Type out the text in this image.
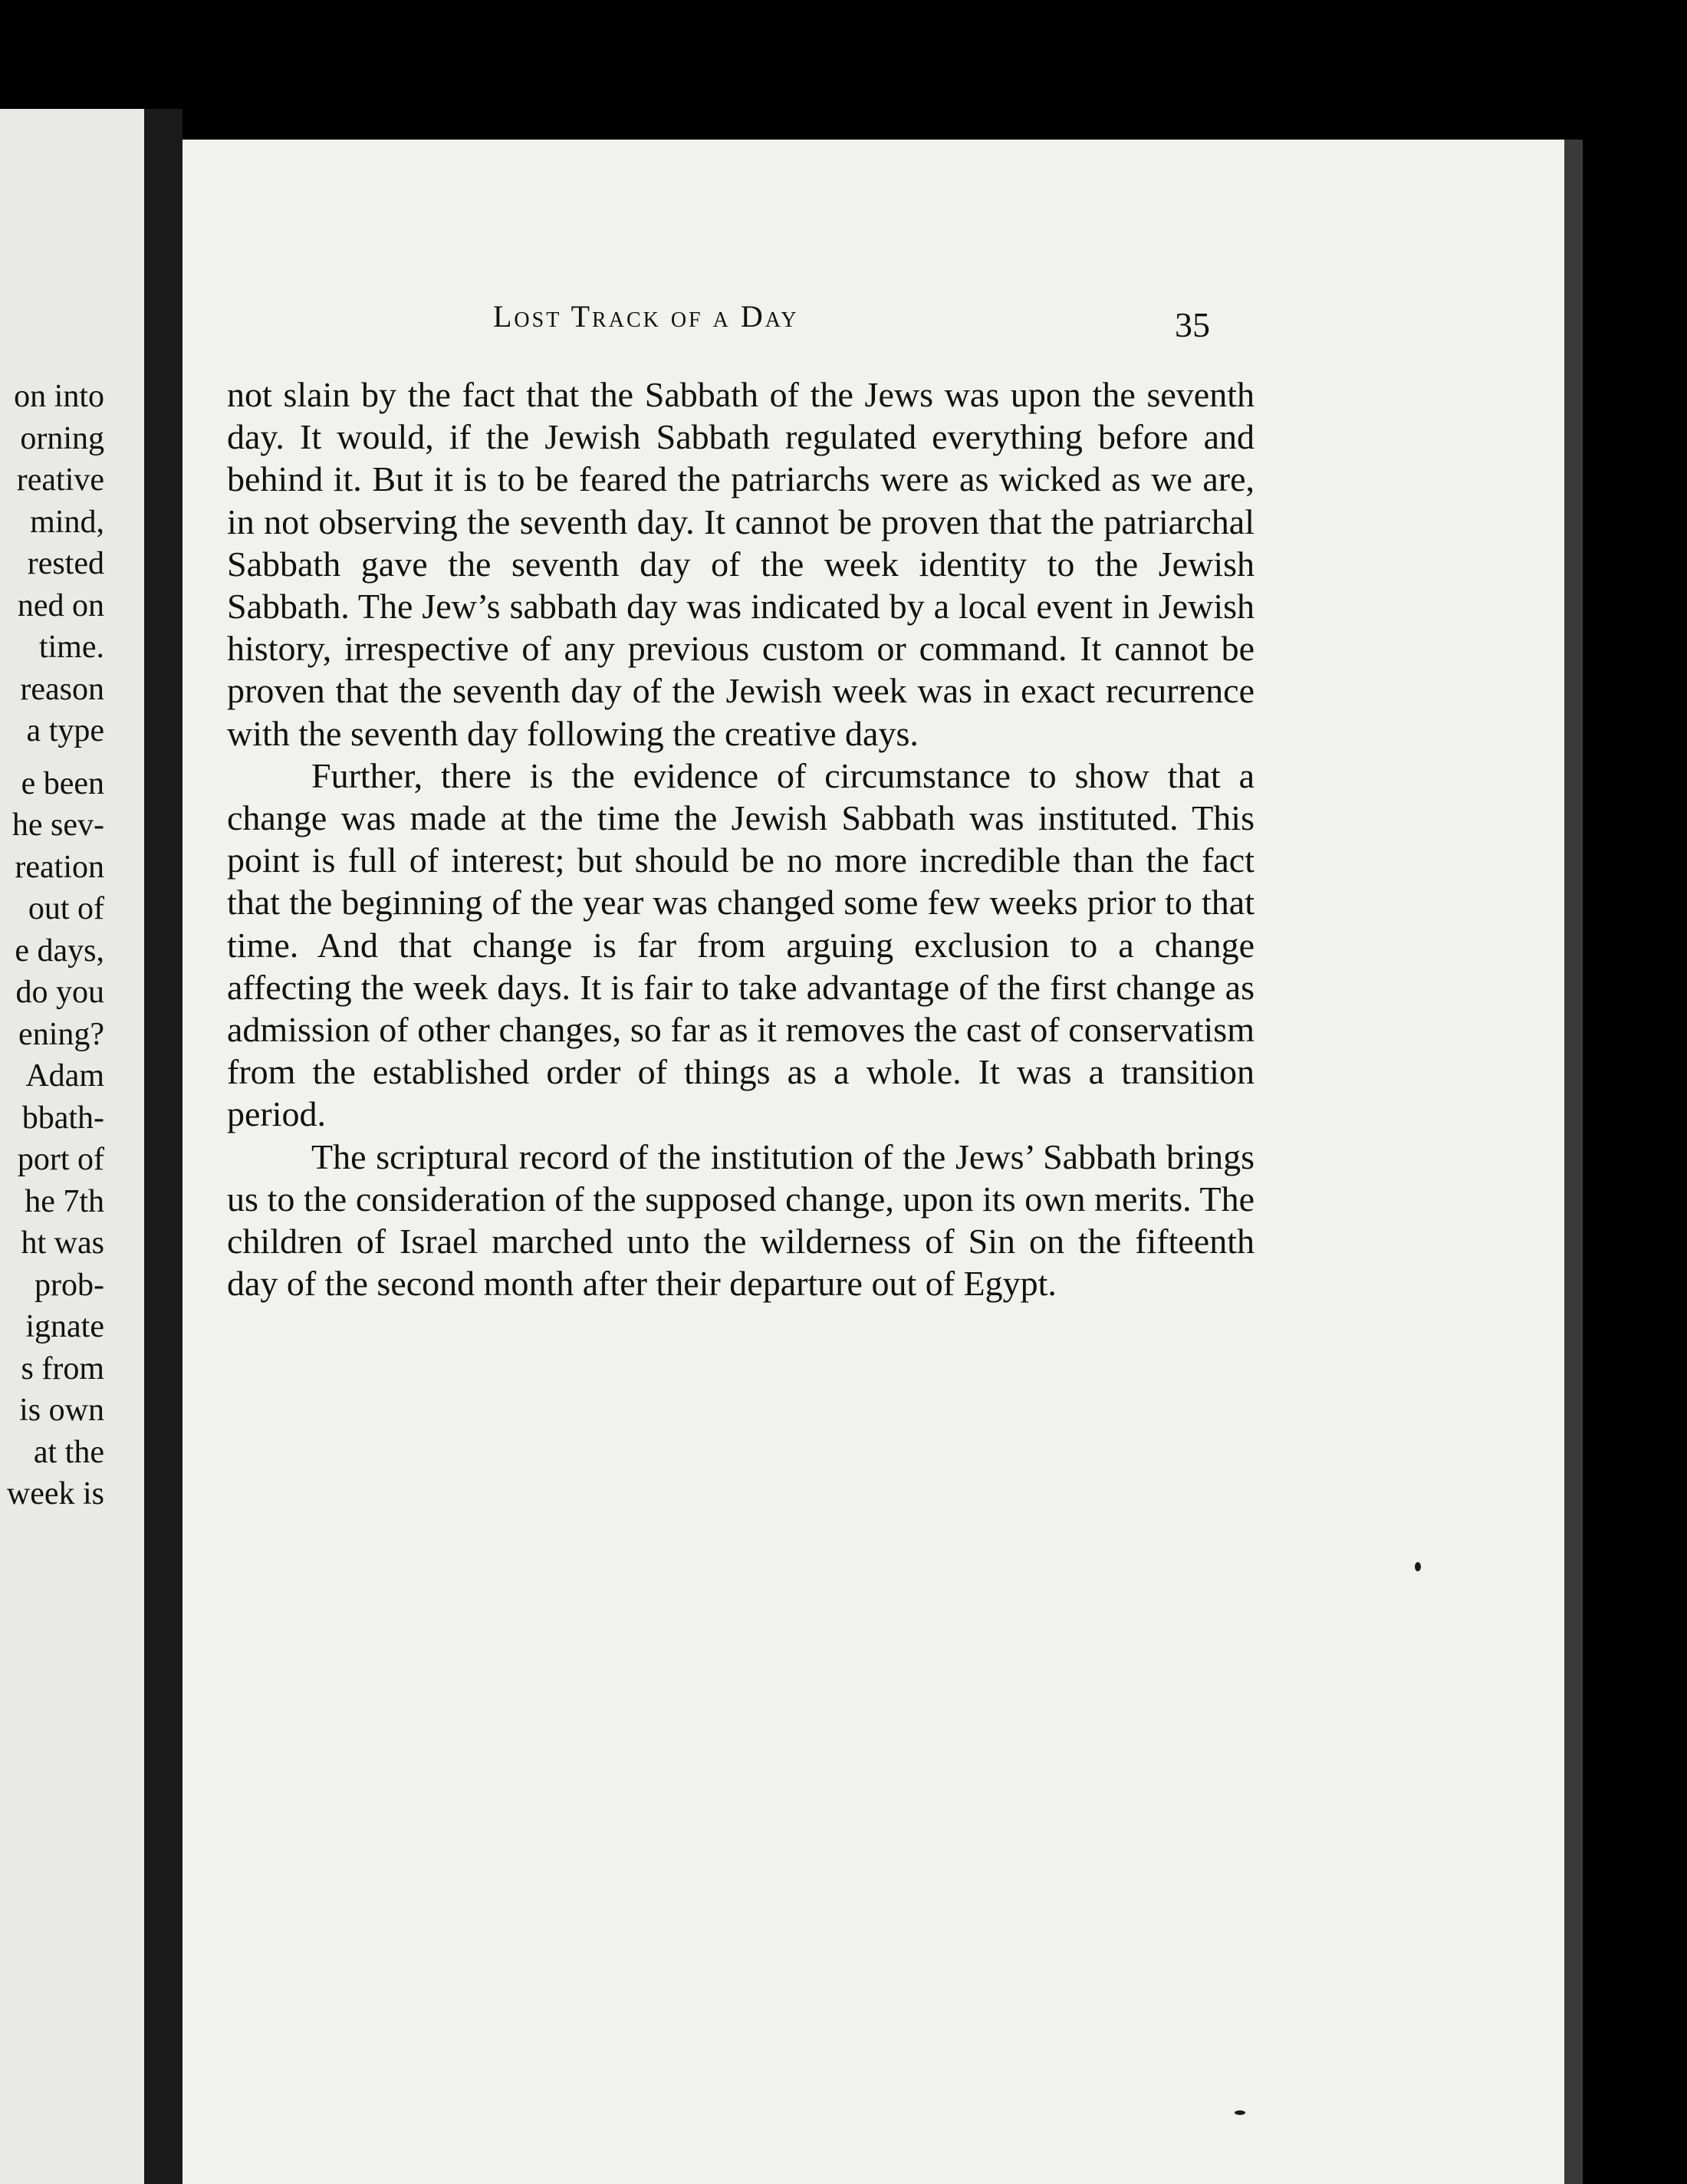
on into
orning
reative
mind,
rested
ned on
time.
reason
a type
e been
he sev-
reation
out of
e days,
do you
ening?
Adam
bbath-
port of
he 7th
ht was
prob-
ignate
s from
is own
at the
week is
Lost Track of a Day	35

not slain by the fact that the Sabbath of the Jews was upon the seventh day. It would, if the Jewish Sabbath regulated everything before and behind it. But it is to be feared the patriarchs were as wicked as we are, in not observing the seventh day. It cannot be proven that the patriarchal Sabbath gave the seventh day of the week identity to the Jewish Sabbath. The Jew’s sabbath day was indicated by a local event in Jewish history, irrespective of any previous custom or command. It cannot be proven that the seventh day of the Jewish week was in exact recurrence with the seventh day following the creative days.

Further, there is the evidence of circumstance to show that a change was made at the time the Jewish Sabbath was instituted. This point is full of interest; but should be no more incredible than the fact that the beginning of the year was changed some few weeks prior to that time. And that change is far from arguing exclusion to a change affecting the week days. It is fair to take advantage of the first change as admission of other changes, so far as it removes the cast of conservatism from the established order of things as a whole. It was a transition period.

The scriptural record of the institution of the Jews’ Sabbath brings us to the consideration of the supposed change, upon its own merits. The children of Israel marched unto the wilderness of Sin on the fifteenth day of the second month after their departure out of Egypt.
